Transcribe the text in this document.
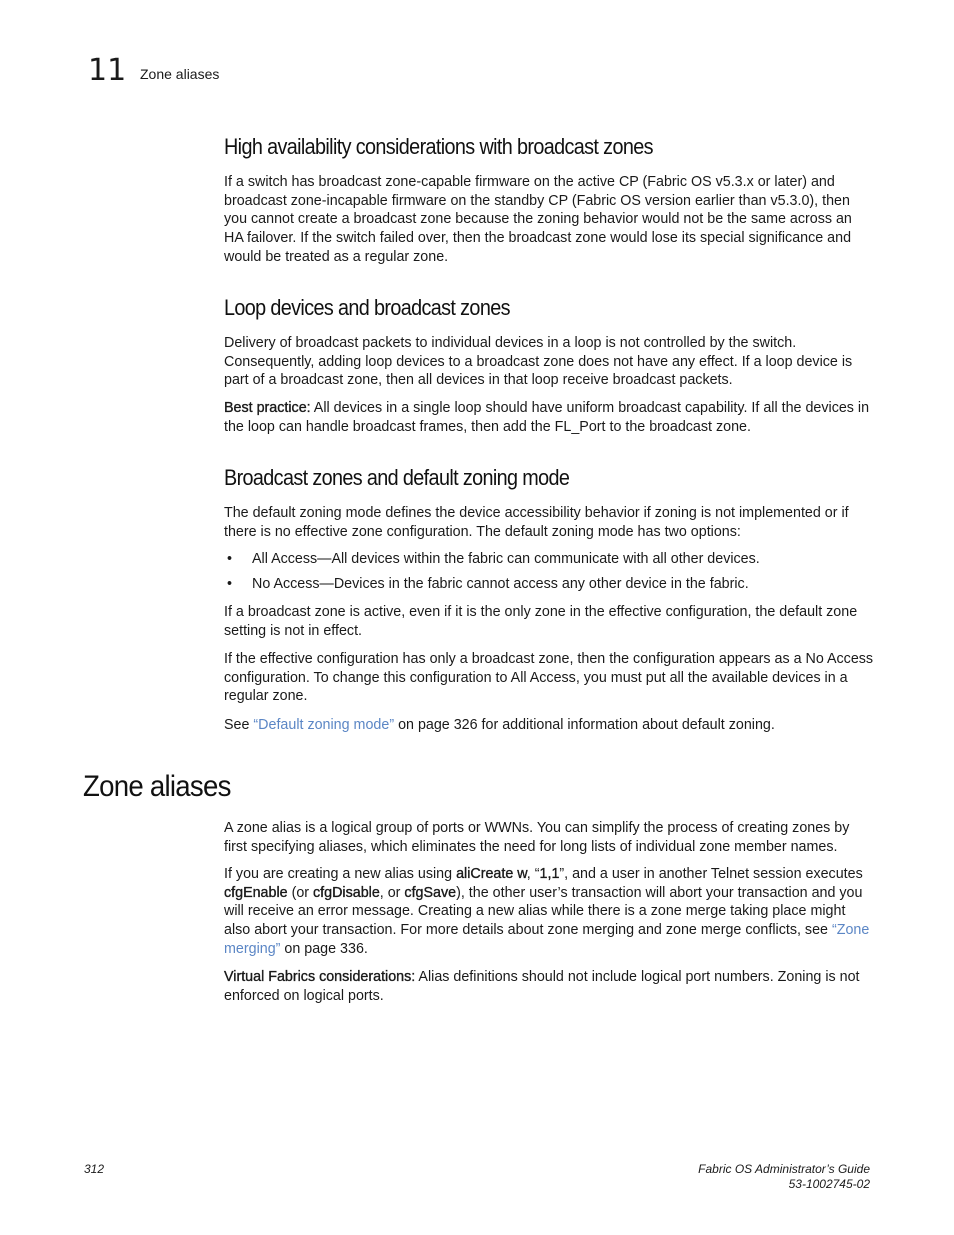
11 Zone aliases
High availability considerations with broadcast zones

If a switch has broadcast zone-capable firmware on the active CP (Fabric OS v5.3.x or later) and broadcast zone-incapable firmware on the standby CP (Fabric OS version earlier than v5.3.0), then you cannot create a broadcast zone because the zoning behavior would not be the same across an HA failover. If the switch failed over, then the broadcast zone would lose its special significance and would be treated as a regular zone.

Loop devices and broadcast zones

Delivery of broadcast packets to individual devices in a loop is not controlled by the switch. Consequently, adding loop devices to a broadcast zone does not have any effect. If a loop device is part of a broadcast zone, then all devices in that loop receive broadcast packets.

Best practice: All devices in a single loop should have uniform broadcast capability. If all the devices in the loop can handle broadcast frames, then add the FL_Port to the broadcast zone.

Broadcast zones and default zoning mode

The default zoning mode defines the device accessibility behavior if zoning is not implemented or if there is no effective zone configuration. The default zoning mode has two options:

• All Access—All devices within the fabric can communicate with all other devices.
• No Access—Devices in the fabric cannot access any other device in the fabric.

If a broadcast zone is active, even if it is the only zone in the effective configuration, the default zone setting is not in effect.

If the effective configuration has only a broadcast zone, then the configuration appears as a No Access configuration. To change this configuration to All Access, you must put all the available devices in a regular zone.

See “Default zoning mode” on page 326 for additional information about default zoning.

Zone aliases

A zone alias is a logical group of ports or WWNs. You can simplify the process of creating zones by first specifying aliases, which eliminates the need for long lists of individual zone member names.

If you are creating a new alias using aliCreate w, “1,1”, and a user in another Telnet session executes cfgEnable (or cfgDisable, or cfgSave), the other user’s transaction will abort your transaction and you will receive an error message. Creating a new alias while there is a zone merge taking place might also abort your transaction. For more details about zone merging and zone merge conflicts, see “Zone merging” on page 336.

Virtual Fabrics considerations: Alias definitions should not include logical port numbers. Zoning is not enforced on logical ports.

312	Fabric OS Administrator’s Guide
53-1002745-02
